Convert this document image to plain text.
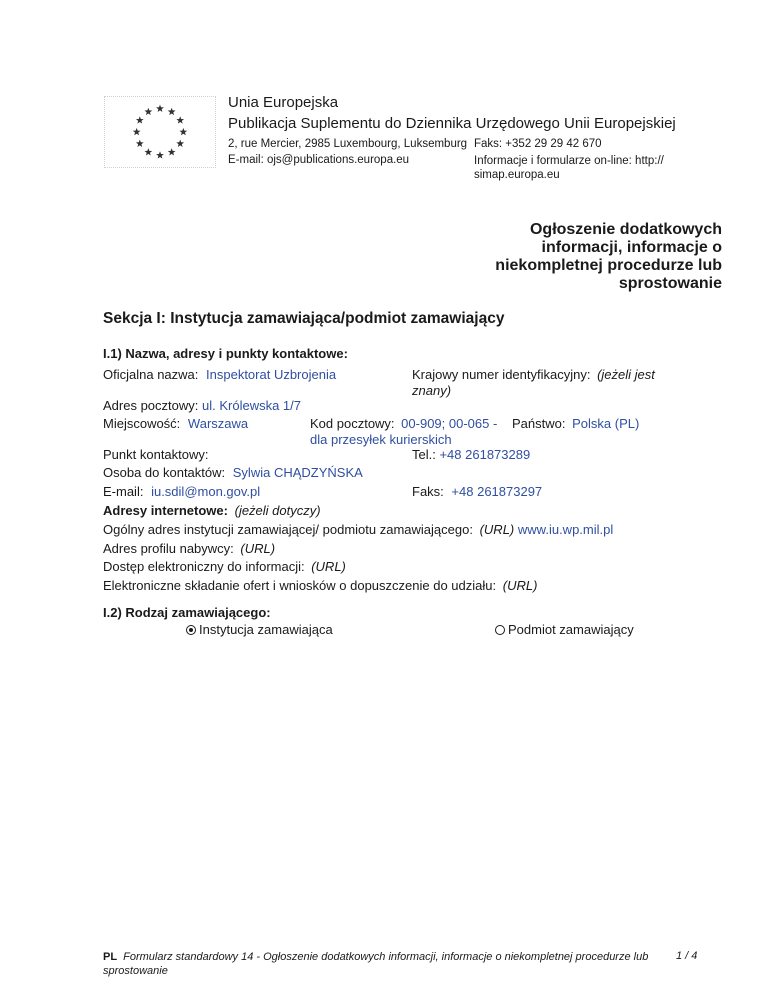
Unia Europejska
Publikacja Suplementu do Dziennika Urzędowego Unii Europejskiej
2, rue Mercier, 2985 Luxembourg, Luksemburg
E-mail: ojs@publications.europa.eu
Faks: +352 29 29 42 670
Informacje i formularze on-line: http:// simap.europa.eu
Ogłoszenie dodatkowych
informacji, informacje o
niekompletnej procedurze lub
sprostowanie
Sekcja I: Instytucja zamawiająca/podmiot zamawiający
I.1) Nazwa, adresy i punkty kontaktowe:
Oficjalna nazwa: Inspektorat Uzbrojenia	Krajowy numer identyfikacyjny: (jeżeli jest znany)
Adres pocztowy: ul. Królewska 1/7
Miejscowość: Warszawa	Kod pocztowy: 00-909; 00-065 - dla przesyłek kurierskich
Państwo: Polska (PL)
Punkt kontaktowy:	Tel.: +48 261873289
Osoba do kontaktów: Sylwia CHĄDZYŃSKA
E-mail: iu.sdil@mon.gov.pl	Faks: +48 261873297
Adresy internetowe: (jeżeli dotyczy)
Ogólny adres instytucji zamawiającej/ podmiotu zamawiającego: (URL) www.iu.wp.mil.pl
Adres profilu nabywcy: (URL)
Dostęp elektroniczny do informacji: (URL)
Elektroniczne składanie ofert i wniosków o dopuszczenie do udziału: (URL)
I.2) Rodzaj zamawiającego:
Instytucja zamawiająca	Podmiot zamawiający
PL Formularz standardowy 14 - Ogłoszenie dodatkowych informacji, informacje o niekompletnej procedurze lub sprostowanie
1 / 4
